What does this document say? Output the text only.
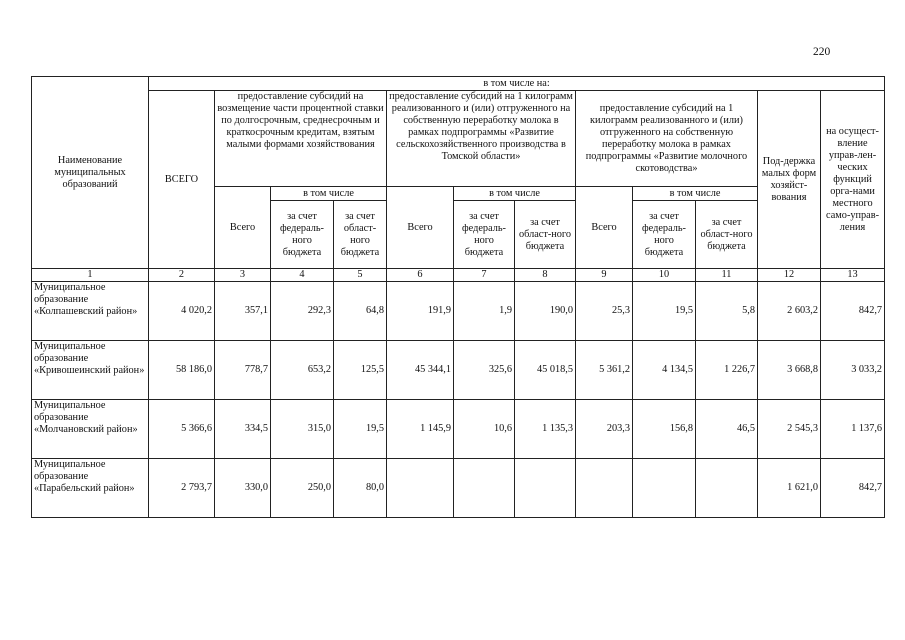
220
Наименование муниципальных образований	в том числе на:											
	ВСЕГО	предоставление субсидий на возмещение части процентной ставки по долгосрочным, среднесрочным и краткосрочным кредитам, взятым малыми формами хозяйствования			предоставление субсидий на 1 килограмм реализованного и (или) отгруженного на собственную переработку молока в рамках подпрограммы «Развитие сельскохозяйственного производства в Томской области»			предоставление субсидий на 1 килограмм реализованного и (или) отгруженного на собственную переработку молока в рамках подпрограммы «Развитие молочного скотоводства»			Под-держка малых форм хозяйст-вования	на осущест-вление управ-лен-ческих функций орга-нами местного само-управ-ления
		Всего	в том числе		Всего	в том числе		Всего	в том числе			
			за счет федераль-ного бюджета	за счет област-ного бюджета		за счет федераль-ного бюджета	за счет област-ного бюджета		за счет федераль-ного бюджета	за счет област-ного бюджета		

1	2	3	4	5	6	7	8	9	10	11	12	13
Муниципальное образование «Колпашевский район»	4 020,2	357,1	292,3	64,8	191,9	1,9	190,0	25,3	19,5	5,8	2 603,2	842,7
Муниципальное образование «Кривошеинский район»	58 186,0	778,7	653,2	125,5	45 344,1	325,6	45 018,5	5 361,2	4 134,5	1 226,7	3 668,8	3 033,2
Муниципальное образование «Молчановский район»	5 366,6	334,5	315,0	19,5	1 145,9	10,6	1 135,3	203,3	156,8	46,5	2 545,3	1 137,6
Муниципальное образование «Парабельский район»	2 793,7	330,0	250,0	80,0							1 621,0	842,7
